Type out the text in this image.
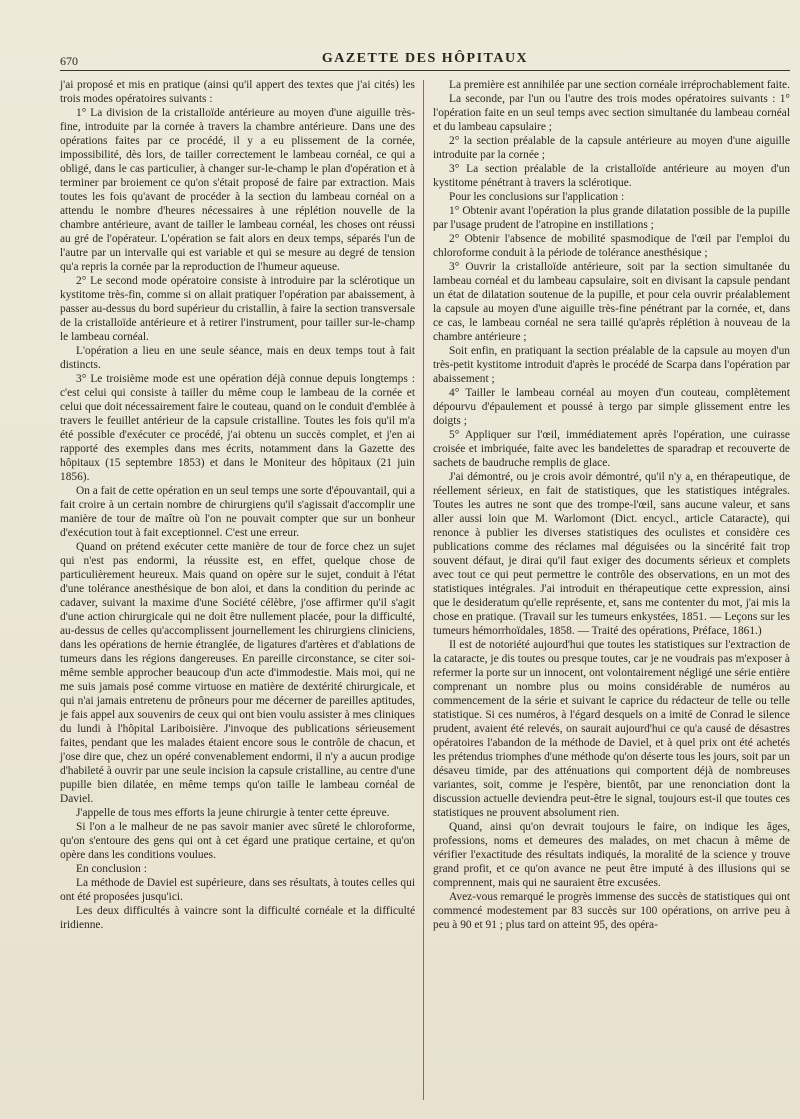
670	GAZETTE DES HÔPITAUX

j'ai proposé et mis en pratique (ainsi qu'il appert des textes que j'ai cités) les trois modes opératoires suivants :

1° La division de la cristalloïde antérieure au moyen d'une aiguille très-fine, introduite par la cornée à travers la chambre antérieure. Dans une des opérations faites par ce procédé, il y a eu plissement de la cornée, impossibilité, dès lors, de tailler correctement le lambeau cornéal, ce qui a obligé, dans le cas particulier, à changer sur-le-champ le plan d'opération et à terminer par broiement ce qu'on s'était proposé de faire par extraction. Mais toutes les fois qu'avant de procéder à la section du lambeau cornéal on a attendu le nombre d'heures nécessaires à une réplétion nouvelle de la chambre antérieure, avant de tailler le lambeau cornéal, les choses ont réussi au gré de l'opérateur. L'opération se fait alors en deux temps, séparés l'un de l'autre par un intervalle qui est variable et qui se mesure au degré de tension qu'a repris la cornée par la reproduction de l'humeur aqueuse.

2° Le second mode opératoire consiste à introduire par la sclérotique un kystitome très-fin, comme si on allait pratiquer l'opération par abaissement, à passer au-dessus du bord supérieur du cristallin, à faire la section transversale de la cristalloïde antérieure et à retirer l'instrument, pour tailler sur-le-champ le lambeau cornéal.

L'opération a lieu en une seule séance, mais en deux temps tout à fait distincts.

3° Le troisième mode est une opération déjà connue depuis longtemps : c'est celui qui consiste à tailler du même coup le lambeau de la cornée et celui que doit nécessairement faire le couteau, quand on le conduit d'emblée à travers le feuillet antérieur de la capsule cristalline. Toutes les fois qu'il m'a été possible d'exécuter ce procédé, j'ai obtenu un succès complet, et j'en ai rapporté des exemples dans mes écrits, notamment dans la Gazette des hôpitaux (15 septembre 1853) et dans le Moniteur des hôpitaux (21 juin 1856).

On a fait de cette opération en un seul temps une sorte d'épouvantail, qui a fait croire à un certain nombre de chirurgiens qu'il s'agissait d'accomplir une manière de tour de maître où l'on ne pouvait compter que sur un bonheur d'exécution tout à fait exceptionnel. C'est une erreur.

Quand on prétend exécuter cette manière de tour de force chez un sujet qui n'est pas endormi, la réussite est, en effet, quelque chose de particulièrement heureux. Mais quand on opère sur le sujet, conduit à l'état d'une tolérance anesthésique de bon aloi, et dans la condition du perinde ac cadaver, suivant la maxime d'une Société célèbre, j'ose affirmer qu'il s'agit d'une action chirurgicale qui ne doit être nullement placée, pour la difficulté, au-dessus de celles qu'accomplissent journellement les chirurgiens cliniciens, dans les opérations de hernie étranglée, de ligatures d'artères et d'ablations de tumeurs dans les régions dangereuses. En pareille circonstance, se citer soi-même semble approcher beaucoup d'un acte d'immodestie. Mais moi, qui ne me suis jamais posé comme virtuose en matière de dextérité chirurgicale, et qui n'ai jamais entretenu de prôneurs pour me décerner de pareilles aptitudes, je fais appel aux souvenirs de ceux qui ont bien voulu assister à mes cliniques du lundi à l'hôpital Lariboisière. J'invoque des publications sérieusement faites, pendant que les malades étaient encore sous le contrôle de chacun, et j'ose dire que, chez un opéré convenablement endormi, il n'y a aucun prodige d'habileté à ouvrir par une seule incision la capsule cristalline, au centre d'une pupille bien dilatée, en même temps qu'on taille le lambeau cornéal de Daviel.

J'appelle de tous mes efforts la jeune chirurgie à tenter cette épreuve.

Si l'on a le malheur de ne pas savoir manier avec sûreté le chloroforme, qu'on s'entoure des gens qui ont à cet égard une pratique certaine, et qu'on opère dans les conditions voulues.

En conclusion :

La méthode de Daviel est supérieure, dans ses résultats, à toutes celles qui ont été proposées jusqu'ici.

Les deux difficultés à vaincre sont la difficulté cornéale et la difficulté iridienne.

La première est annihilée par une section cornéale irréprochablement faite.

La seconde, par l'un ou l'autre des trois modes opératoires suivants : 1° l'opération faite en un seul temps avec section simultanée du lambeau cornéal et du lambeau capsulaire ;

2° la section préalable de la capsule antérieure au moyen d'une aiguille introduite par la cornée ;

3° La section préalable de la cristalloïde antérieure au moyen d'un kystitome pénétrant à travers la sclérotique.

Pour les conclusions sur l'application :

1° Obtenir avant l'opération la plus grande dilatation possible de la pupille par l'usage prudent de l'atropine en instillations ;

2° Obtenir l'absence de mobilité spasmodique de l'œil par l'emploi du chloroforme conduit à la période de tolérance anesthésique ;

3° Ouvrir la cristalloïde antérieure, soit par la section simultanée du lambeau cornéal et du lambeau capsulaire, soit en divisant la capsule pendant un état de dilatation soutenue de la pupille, et pour cela ouvrir préalablement la capsule au moyen d'une aiguille très-fine pénétrant par la cornée, et, dans ce cas, le lambeau cornéal ne sera taillé qu'après réplétion à nouveau de la chambre antérieure ;

Soit enfin, en pratiquant la section préalable de la capsule au moyen d'un très-petit kystitome introduit d'après le procédé de Scarpa dans l'opération par abaissement ;

4° Tailler le lambeau cornéal au moyen d'un couteau, complètement dépourvu d'épaulement et poussé à tergo par simple glissement entre les doigts ;

5° Appliquer sur l'œil, immédiatement après l'opération, une cuirasse croisée et imbriquée, faite avec les bandelettes de sparadrap et recouverte de sachets de baudruche remplis de glace.

J'ai démontré, ou je crois avoir démontré, qu'il n'y a, en thérapeutique, de réellement sérieux, en fait de statistiques, que les statistiques intégrales. Toutes les autres ne sont que des trompe-l'œil, sans aucune valeur, et sans aller aussi loin que M. Warlomont (Dict. encycl., article Cataracte), qui renonce à publier les diverses statistiques des oculistes et considère ces publications comme des réclames mal déguisées ou la sincérité fait trop souvent défaut, je dirai qu'il faut exiger des documents sérieux et complets avec tout ce qui peut permettre le contrôle des observations, en un mot des statistiques intégrales. J'ai introduit en thérapeutique cette expression, ainsi que le desideratum qu'elle représente, et, sans me contenter du mot, j'ai mis la chose en pratique. (Travail sur les tumeurs enkystées, 1851. — Leçons sur les tumeurs hémorrhoïdales, 1858. — Traité des opérations, Préface, 1861.)

Il est de notoriété aujourd'hui que toutes les statistiques sur l'extraction de la cataracte, je dis toutes ou presque toutes, car je ne voudrais pas m'exposer à refermer la porte sur un innocent, ont volontairement négligé une série entière comprenant un nombre plus ou moins considérable de numéros au commencement de la série et suivant le caprice du rédacteur de telle ou telle statistique. Si ces numéros, à l'égard desquels on a imité de Conrad le silence prudent, avaient été relevés, on saurait aujourd'hui ce qu'a causé de désastres opératoires l'abandon de la méthode de Daviel, et à quel prix ont été achetés les prétendus triomphes d'une méthode qu'on déserte tous les jours, soit par un désaveu timide, par des atténuations qui comportent déjà de nombreuses variantes, soit, comme je l'espère, bientôt, par une renonciation dont la discussion actuelle deviendra peut-être le signal, toujours est-il que toutes ces statistiques ne prouvent absolument rien.

Quand, ainsi qu'on devrait toujours le faire, on indique les âges, professions, noms et demeures des malades, on met chacun à même de vérifier l'exactitude des résultats indiqués, la moralité de la science y trouve grand profit, et ce qu'on avance ne peut être imputé à des illusions qui se comprennent, mais qui ne sauraient être excusées.

Avez-vous remarqué le progrès immense des succès de statistiques qui ont commencé modestement par 83 succès sur 100 opérations, on arrive peu à peu à 90 et 91 ; plus tard on atteint 95, des opéra-
